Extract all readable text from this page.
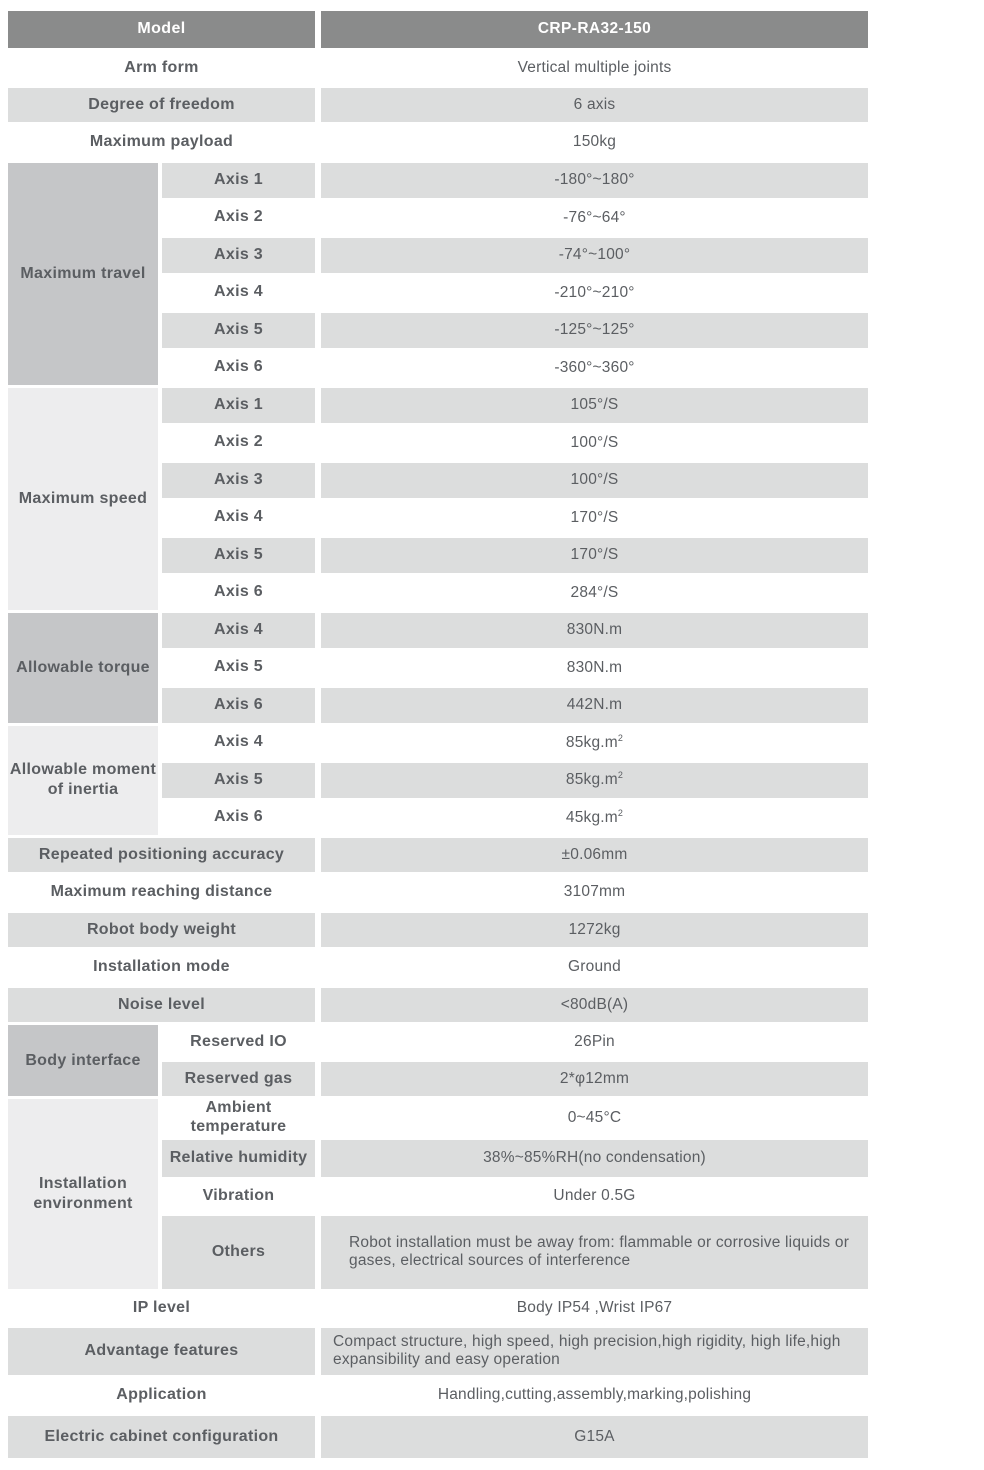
Model		CRP-RA32-150
Arm form		Vertical multiple joints
Degree of freedom		6 axis
Maximum payload		150kg
Maximum travel	Axis 1	-180°~180°
	Axis 2	-76°~64°
	Axis 3	-74°~100°
	Axis 4	-210°~210°
	Axis 5	-125°~125°
	Axis 6	-360°~360°
Maximum speed	Axis 1	105°/S
	Axis 2	100°/S
	Axis 3	100°/S
	Axis 4	170°/S
	Axis 5	170°/S
	Axis 6	284°/S
Allowable torque	Axis 4	830N.m
	Axis 5	830N.m
	Axis 6	442N.m
Allowable moment of inertia	Axis 4	$85kg.m^2$
	Axis 5	$85kg.m^2$
	Axis 6	$45kg.m^2$
Repeated positioning accuracy		±0.06mm
Maximum reaching distance		3107mm
Robot body weight		1272kg
Installation mode		Ground
Noise level		<80dB(A)
Body interface	Reserved IO	26Pin
	Reserved gas	2*φ12mm
Installation environment	Ambient temperature	0~45°C
	Relative humidity	38%~85%RH(no condensation)
	Vibration	Under 0.5G
	Others	Robot installation must be away from: flammable or corrosive liquids or gases, electrical sources of interference
IP level		Body IP54 ,Wrist IP67
Advantage features		Compact structure, high speed, high precision,high rigidity, high life,high expansibility and easy operation
Application		Handling,cutting,assembly,marking,polishing
Electric cabinet configuration		G15A
